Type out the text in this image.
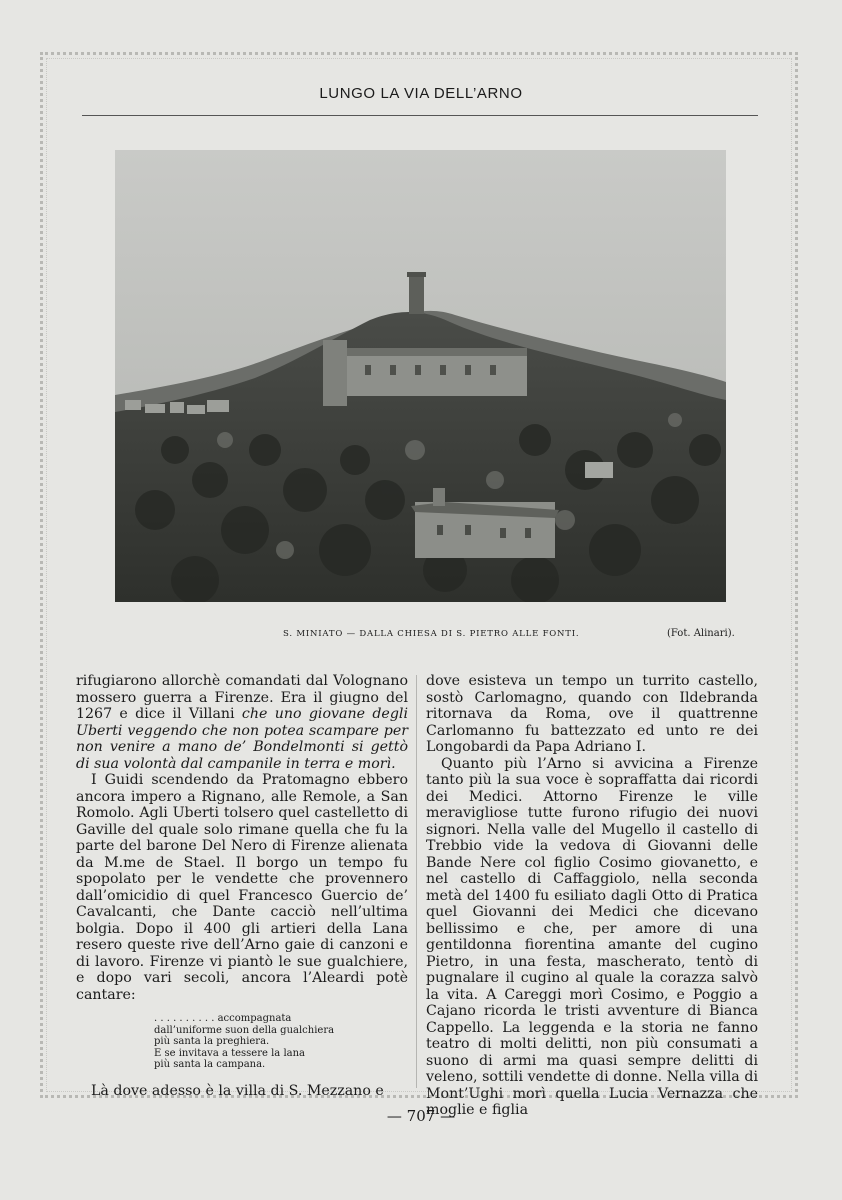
LUNGO LA VIA DELL’ARNO
S. MINIATO — DALLA CHIESA DI S. PIETRO ALLE FONTI.	(Fot. Alinari).

rifugiarono allorchè comandati dal Volognano mossero guerra a Firenze. Era il giugno del 1267 e dice il Villani che uno giovane degli Uberti veggendo che non potea scampare per non venire a mano de’ Bondelmonti si gettò di sua volontà dal campanile in terra e morì.

I Guidi scendendo da Pratomagno ebbero ancora impero a Rignano, alle Remole, a San Romolo. Agli Uberti tolsero quel castelletto di Gaville del quale solo rimane quella che fu la parte del barone Del Nero di Firenze alienata da M.me de Stael. Il borgo un tempo fu spopolato per le vendette che provennero dall’omicidio di quel Francesco Guercio de’ Cavalcanti, che Dante cacciò nell’ultima bolgia. Dopo il 400 gli artieri della Lana resero queste rive dell’Arno gaie di canzoni e di lavoro. Firenze vi piantò le sue gualchiere, e dopo vari secoli, ancora l’Aleardi potè cantare:

. . . . . . . . . . accompagnata
dall’uniforme suon della gualchiera
più santa la preghiera.
E se invitava a tessere la lana
più santa la campana.

Là dove adesso è la villa di S. Mezzano e

dove esisteva un tempo un turrito castello, sostò Carlomagno, quando con Ildebranda ritornava da Roma, ove il quattrenne Carlomanno fu battezzato ed unto re dei Longobardi da Papa Adriano I.

Quanto più l’Arno si avvicina a Firenze tanto più la sua voce è sopraffatta dai ricordi dei Medici. Attorno Firenze le ville meravigliose tutte furono rifugio dei nuovi signori. Nella valle del Mugello il castello di Trebbio vide la vedova di Giovanni delle Bande Nere col figlio Cosimo giovanetto, e nel castello di Caffaggiolo, nella seconda metà del 1400 fu esiliato dagli Otto di Pratica quel Giovanni dei Medici che dicevano bellissimo e che, per amore di una gentildonna fiorentina amante del cugino Pietro, in una festa, mascherato, tentò di pugnalare il cugino al quale la corazza salvò la vita. A Careggi morì Cosimo, e Poggio a Cajano ricorda le tristi avventure di Bianca Cappello. La leggenda e la storia ne fanno teatro di molti delitti, non più consumati a suono di armi ma quasi sempre delitti di veleno, sottili vendette di donne. Nella villa di Mont’Ughi morì quella Lucia Vernazza che moglie e figlia

— 707 —
